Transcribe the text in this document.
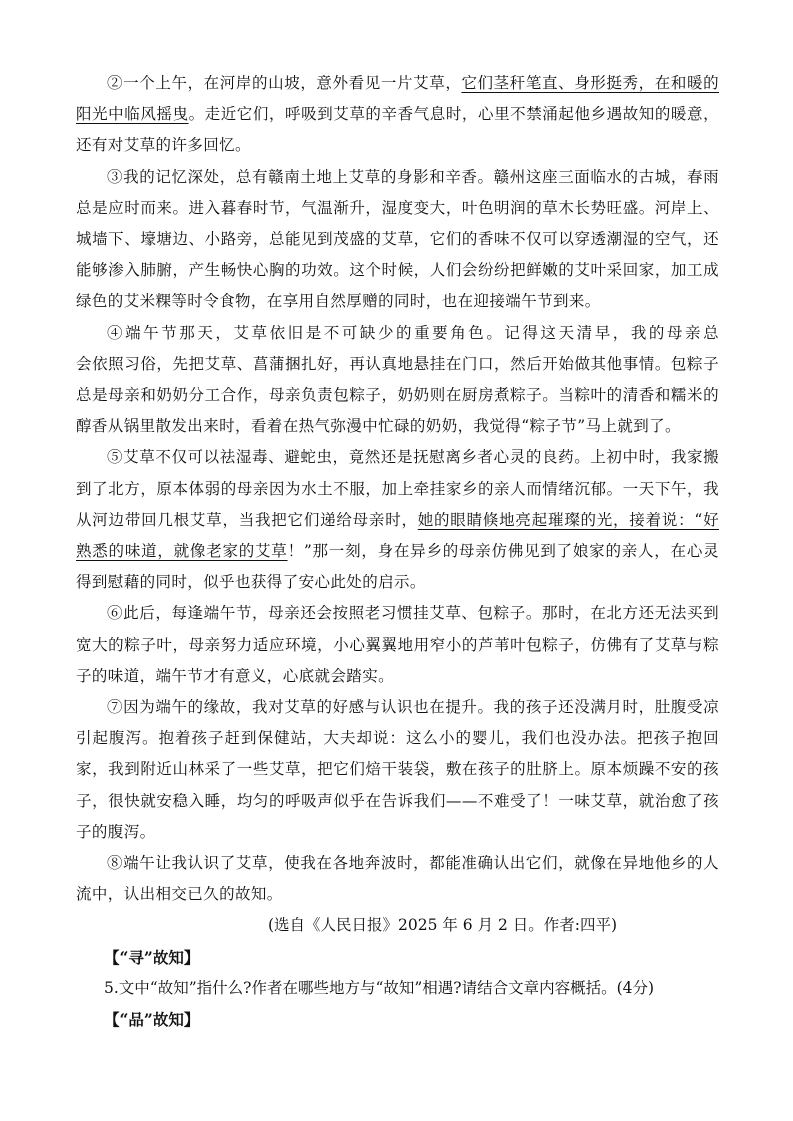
②一个上午，在河岸的山坡，意外看见一片艾草，它们茎秆笔直、身形挺秀，在和暖的阳光中临风摇曳。走近它们，呼吸到艾草的辛香气息时，心里不禁涌起他乡遇故知的暖意，还有对艾草的许多回忆。

③我的记忆深处，总有赣南土地上艾草的身影和辛香。赣州这座三面临水的古城，春雨总是应时而来。进入暮春时节，气温渐升，湿度变大，叶色明润的草木长势旺盛。河岸上、城墙下、壕塘边、小路旁，总能见到茂盛的艾草，它们的香味不仅可以穿透潮湿的空气，还能够渗入肺腑，产生畅快心胸的功效。这个时候，人们会纷纷把鲜嫩的艾叶采回家，加工成绿色的艾米粿等时令食物，在享用自然厚赠的同时，也在迎接端午节到来。

④端午节那天，艾草依旧是不可缺少的重要角色。记得这天清早，我的母亲总　　　　会依照习俗，先把艾草、菖蒲捆扎好，再认真地悬挂在门口，然后开始做其他事情。包粽子总是母亲和奶奶分工合作，母亲负责包粽子，奶奶则在厨房煮粽子。当粽叶的清香和糯米的醇香从锅里散发出来时，看着在热气弥漫中忙碌的奶奶，我觉得“粽子节”马上就到了。

⑤艾草不仅可以祛湿毒、避蛇虫，竟然还是抚慰离乡者心灵的良药。上初中时，我家搬到了北方，原本体弱的母亲因为水土不服，加上牵挂家乡的亲人而情绪沉郁。一天下午，我从河边带回几根艾草，当我把它们递给母亲时，她的眼睛倏地亮起璀璨的光，接着说：“好熟悉的味道，就像老家的艾草！”那一刻，身在异乡的母亲仿佛见到了娘家的亲人，在心灵得到慰藉的同时，似乎也获得了安心此处的启示。

⑥此后，每逢端午节，母亲还会按照老习惯挂艾草、包粽子。那时，在北方还无法买到宽大的粽子叶，母亲努力适应环境，小心翼翼地用窄小的芦苇叶包粽子，仿佛有了艾草与粽子的味道，端午节才有意义，心底就会踏实。

⑦因为端午的缘故，我对艾草的好感与认识也在提升。我的孩子还没满月时，肚腹受凉引起腹泻。抱着孩子赶到保健站，大夫却说：这么小的婴儿，我们也没办法。把孩子抱回家，我到附近山林采了一些艾草，把它们焙干装袋，敷在孩子的肚脐上。原本烦躁不安的孩子，很快就安稳入睡，均匀的呼吸声似乎在告诉我们——不难受了！一味艾草，就治愈了孩子的腹泻。

⑧端午让我认识了艾草，使我在各地奔波时，都能准确认出它们，就像在异地他乡的人流中，认出相交已久的故知。

(选自《人民日报》2025 年 6 月 2 日。作者:四平)

【“寻”故知】

5.文中“故知”指什么?作者在哪些地方与“故知”相遇?请结合文章内容概括。(4分)

【“品”故知】
